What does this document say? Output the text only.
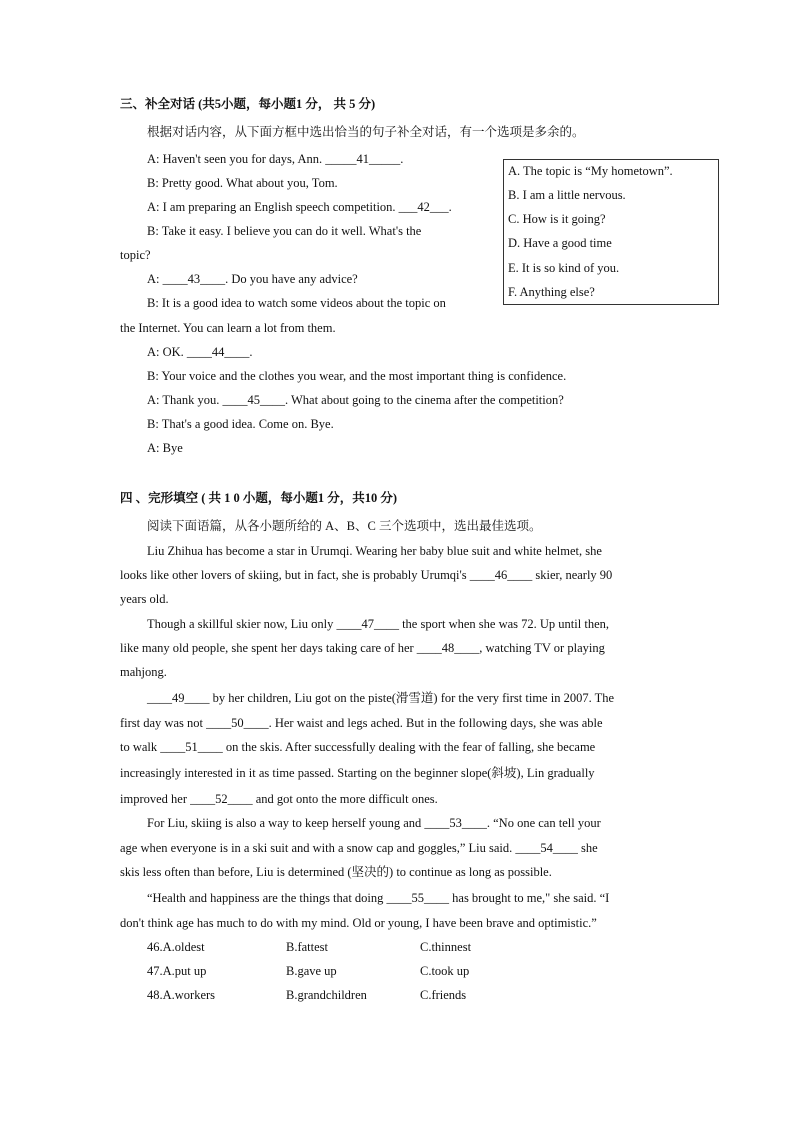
三、补全对话 (共5小题，每小题1 分， 共 5 分)
根据对话内容，从下面方框中选出恰当的句子补全对话，有一个选项是多余的。
A: Haven't seen you for days, Ann. _____41_____.
B: Pretty good. What about you, Tom.
A: I am preparing an English speech competition. ___42___.
B: Take it easy. I believe you can do it well. What's the
topic?
A: ____43____. Do you have any advice?
B: It is a good idea to watch some videos about the topic on
the Internet. You can learn a lot from them.
A: OK. ____44____.
B: Your voice and the clothes you wear, and the most important thing is confidence.
A: Thank you. ____45____. What about going to the cinema after the competition?
B: That's a good idea. Come on. Bye.
A: Bye
A. The topic is “My hometown”.
B. I am a little nervous.
C. How is it going?
D. Have a good time
E. It is so kind of you.
F. Anything else?
四 、完形填空 ( 共 1 0 小题，每小题1 分，共10 分)
阅读下面语篇，从各小题所给的 A、B、C 三个选项中，选出最佳选项。
Liu Zhihua has become a star in Urumqi. Wearing her baby blue suit and white helmet, she
looks like other lovers of skiing, but in fact, she is probably Urumqi's ____46____ skier, nearly 90
years old.
Though a skillful skier now, Liu only ____47____ the sport when she was 72. Up until then,
like many old people, she spent her days taking care of her ____48____, watching TV or playing
mahjong.
____49____ by her children, Liu got on the piste(滑雪道) for the very first time in 2007. The
first day was not ____50____. Her waist and legs ached. But in the following days, she was able
to walk ____51____ on the skis. After successfully dealing with the fear of falling, she became
increasingly interested in it as time passed. Starting on the beginner slope(斜坡), Lin gradually
improved her ____52____ and got onto the more difficult ones.
For Liu, skiing is also a way to keep herself young and ____53____. “No one can tell your
age when everyone is in a ski suit and with a snow cap and goggles,” Liu said. ____54____ she
skis less often than before, Liu is determined (坚决的) to continue as long as possible.
“Health and happiness are the things that doing ____55____ has brought to me," she said. “I
don't think age has much to do with my mind. Old or young, I have been brave and optimistic.”
46.A.oldest	B.fattest	C.thinnest
47.A.put up	B.gave up	C.took up
48.A.workers	B.grandchildren	C.friends
